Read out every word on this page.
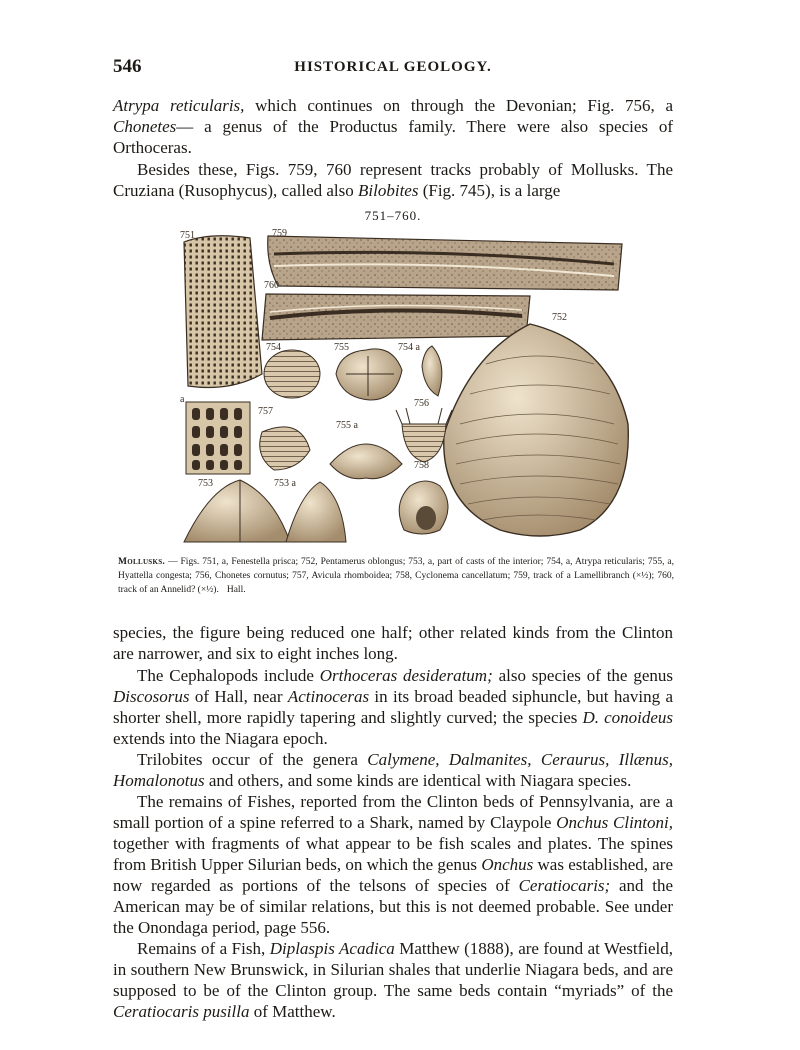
546	HISTORICAL GEOLOGY.

Atrypa reticularis, which continues on through the Devonian; Fig. 756, a Chonetes— a genus of the Productus family. There were also species of Orthoceras.

Besides these, Figs. 759, 760 represent tracks probably of Mollusks. The Cruziana (Rusophycus), called also Bilobites (Fig. 745), is a large

751–760.
751
a
759
760
752
754	755	754 a
757
755 a
756
758
753	753 a

Mollusks. — Figs. 751, a, Fenestella prisca; 752, Pentamerus oblongus; 753, a, part of casts of the interior; 754, a, Atrypa reticularis; 755, a, Hyattella congesta; 756, Chonetes cornutus; 757, Avicula rhomboidea; 758, Cyclonema cancellatum; 759, track of a Lamellibranch (×½); 760, track of an Annelid? (×½). Hall.

species, the figure being reduced one half; other related kinds from the Clinton are narrower, and six to eight inches long.

The Cephalopods include Orthoceras desideratum; also species of the genus Discosorus of Hall, near Actinoceras in its broad beaded siphuncle, but having a shorter shell, more rapidly tapering and slightly curved; the species D. conoideus extends into the Niagara epoch.

Trilobites occur of the genera Calymene, Dalmanites, Ceraurus, Illænus, Homalonotus and others, and some kinds are identical with Niagara species.

The remains of Fishes, reported from the Clinton beds of Pennsylvania, are a small portion of a spine referred to a Shark, named by Claypole Onchus Clintoni, together with fragments of what appear to be fish scales and plates. The spines from British Upper Silurian beds, on which the genus Onchus was established, are now regarded as portions of the telsons of species of Ceratiocaris; and the American may be of similar relations, but this is not deemed probable. See under the Onondaga period, page 556.

Remains of a Fish, Diplaspis Acadica Matthew (1888), are found at Westfield, in southern New Brunswick, in Silurian shales that underlie Niagara beds, and are supposed to be of the Clinton group. The same beds contain “myriads” of the Ceratiocaris pusilla of Matthew.
